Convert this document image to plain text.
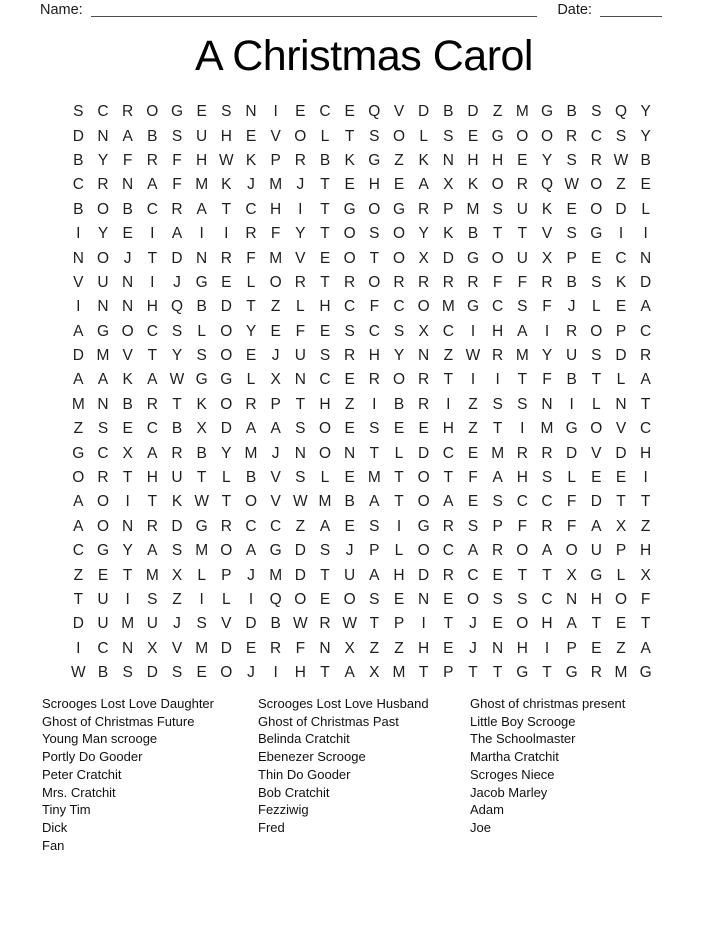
Name:	Date:
A Christmas Carol
S C R O G E S N	I	E C E Q V D B D Z M G B S Q Y
D N A B S U H E V O L	T S O L S E G O O R C S Y
B Y F R F H W K P R B K G Z K N H H E Y S R W B
C R N A F M K	J M J	T E H E A X K O R Q W O Z E
B O B C R A T C H	I	T G O G R P M S U K E O D L
I	Y E	I	A	I	I	R F Y T O S O Y K B T T V S G	I	I
N O J	T D N R F M V E O T O X D G O U X P E C N
V U N	I	J G E L O R T R O R R R R F F R B S K D
I	N N H Q B D T Z	L H C F C O M G C S F	J	L E A
A G O C S L O Y E F E S C S X C	I	H A	I	R O P C
D M V T Y S O E	J U S R H Y N Z W R M Y U S D R
A A K A W G G L X N C E R O R T	I	I	T F B T	L A
M N B R T K O R P T H Z	I	B R	I	Z S S N	I	L N T
Z S E C B X D A A S O E S E E H Z T	I	M G O V C
G C X A R B Y M J N O N T	L D C E M R R D V D H
O R T H U T	L B V S L E M T O T F A H S L E E	I
A O	I	T K W T O V W M B A T O A E S C C F D T T
A O N R D G R C C Z A E S	I	G R S P F R F A X Z
C G Y A S M O A G D S	J	P L O C A R O A O U P H
Z E T M X L P	J M D T U A H D R C E T T X G L X
T U	I	S Z	I	L	I	Q O E O S E N E O S S C N H O F
D U M U J	S V D B W R W T P	I	T	J	E O H A T E T
I	C N X V M D E R F N X Z Z H E	J N H	I	P E Z A
W B S D S E O J	I	H T A X M T P T T G T G R M G
Scrooges Lost Love Daughter
Ghost of Christmas Future
Young Man scrooge
Portly Do Gooder
Peter Cratchit
Mrs. Cratchit
Tiny Tim
Dick
Fan
Scrooges Lost Love Husband
Ghost of Christmas Past
Belinda Cratchit
Ebenezer Scrooge
Thin Do Gooder
Bob Cratchit
Fezziwig
Fred
Ghost of christmas present
Little Boy Scrooge
The Schoolmaster
Martha Cratchit
Scroges Niece
Jacob Marley
Adam
Joe
